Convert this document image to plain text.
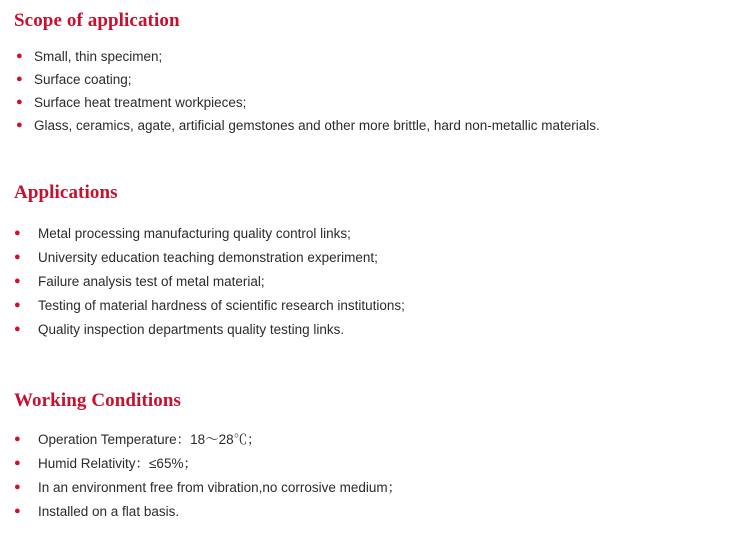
Scope of application
● Small, thin specimen;
● Surface coating;
● Surface heat treatment workpieces;
● Glass, ceramics, agate, artificial gemstones and other more brittle, hard non-metallic materials.
Applications
●	Metal processing manufacturing quality control links;
●	University education teaching demonstration experiment;
●	Failure analysis test of metal material;
●	Testing of material hardness of scientific research institutions;
●	Quality inspection departments quality testing links.
Working Conditions
●	Operation Temperature：18～28℃；
●	Humid Relativity：≤65%；
●	In an environment free from vibration,no corrosive medium；
●	Installed on a flat basis.
